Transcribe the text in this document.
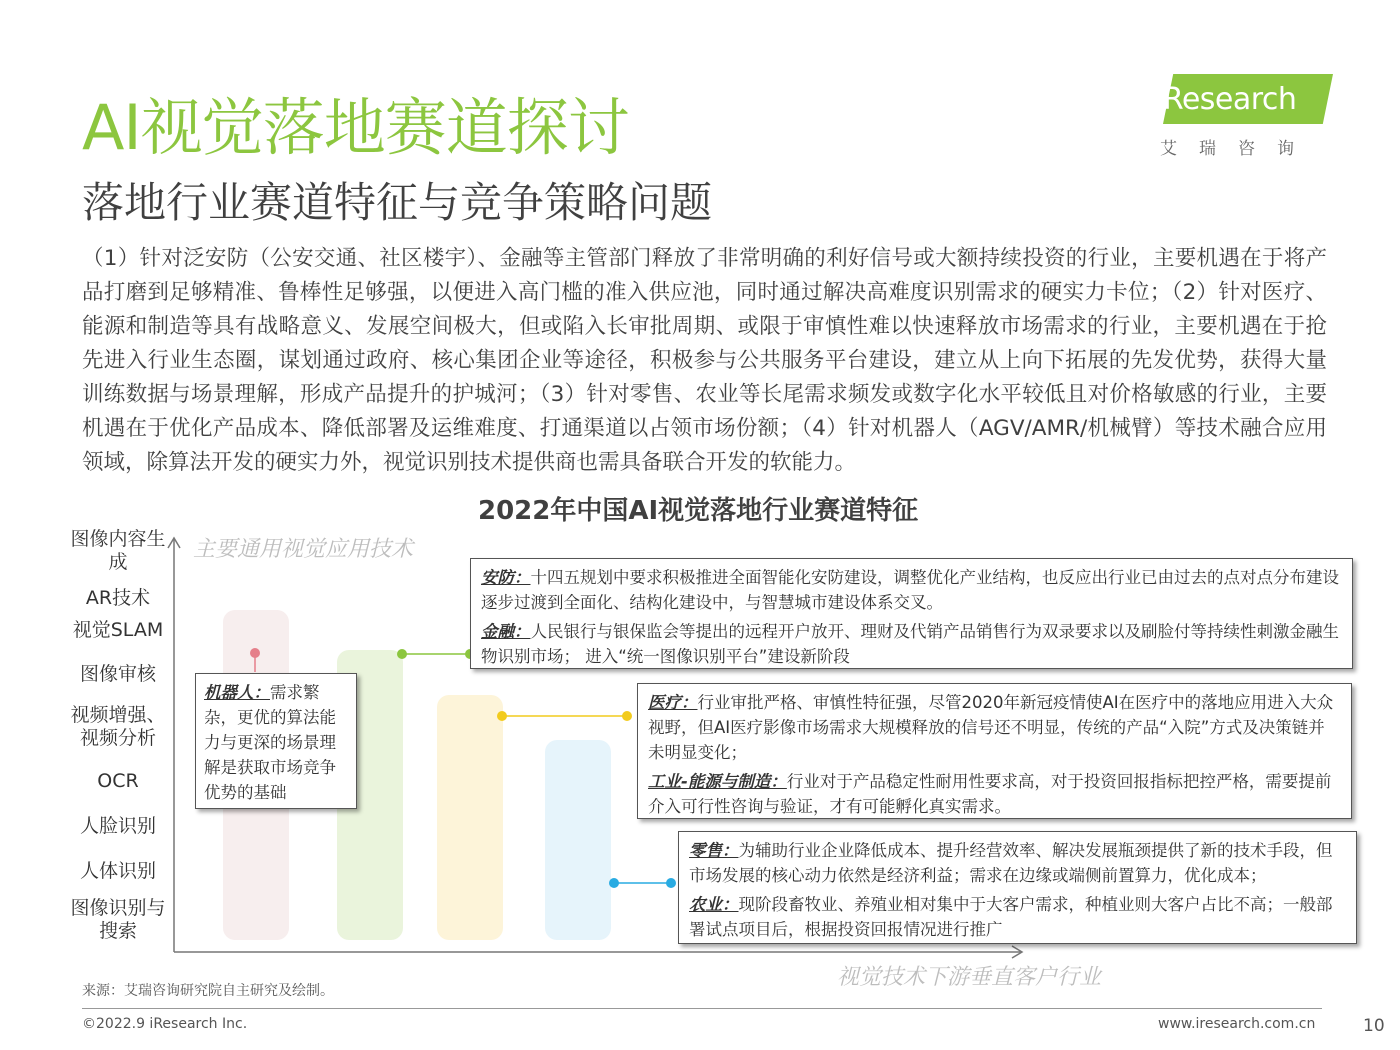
AI视觉落地赛道探讨
落地行业赛道特征与竞争策略问题
iResearch
艾瑞咨询
（1）针对泛安防（公安交通、社区楼宇）、金融等主管部门释放了非常明确的利好信号或大额持续投资的行业，主要机遇在于将产品打磨到足够精准、鲁棒性足够强，以便进入高门槛的准入供应池，同时通过解决高难度识别需求的硬实力卡位；（2）针对医疗、能源和制造等具有战略意义、发展空间极大，但或陷入长审批周期、或限于审慎性难以快速释放市场需求的行业，主要机遇在于抢先进入行业生态圈，谋划通过政府、核心集团企业等途径，积极参与公共服务平台建设，建立从上向下拓展的先发优势，获得大量训练数据与场景理解，形成产品提升的护城河；（3）针对零售、农业等长尾需求频发或数字化水平较低且对价格敏感的行业，主要机遇在于优化产品成本、降低部署及运维难度、打通渠道以占领市场份额；（4）针对机器人（AGV/AMR/机械臂）等技术融合应用领域，除算法开发的硬实力外，视觉识别技术提供商也需具备联合开发的软能力。
2022年中国AI视觉落地行业赛道特征
图像内容生成
AR技术
视觉SLAM
图像审核
视频增强、视频分析
OCR
人脸识别
人体识别
图像识别与搜索
主要通用视觉应用技术
视觉技术下游垂直客户行业
机器人：需求繁杂，更优的算法能力与更深的场景理解是获取市场竞争优势的基础
安防：十四五规划中要求积极推进全面智能化安防建设，调整优化产业结构，也反应出行业已由过去的点对点分布建设逐步过渡到全面化、结构化建设中，与智慧城市建设体系交叉。
金融：人民银行与银保监会等提出的远程开户放开、理财及代销产品销售行为双录要求以及刷脸付等持续性刺激金融生物识别市场； 进入“统一图像识别平台”建设新阶段
医疗：行业审批严格、审慎性特征强，尽管2020年新冠疫情使AI在医疗中的落地应用进入大众视野，但AI医疗影像市场需求大规模释放的信号还不明显，传统的产品“入院”方式及决策链并未明显变化；
工业-能源与制造：行业对于产品稳定性耐用性要求高，对于投资回报指标把控严格，需要提前介入可行性咨询与验证，才有可能孵化真实需求。
零售：为辅助行业企业降低成本、提升经营效率、解决发展瓶颈提供了新的技术手段，但市场发展的核心动力依然是经济利益；需求在边缘或端侧前置算力，优化成本；
农业：现阶段畜牧业、养殖业相对集中于大客户需求，种植业则大客户占比不高；一般部署试点项目后，根据投资回报情况进行推广
来源：艾瑞咨询研究院自主研究及绘制。
©2022.9 iResearch Inc.	www.iresearch.com.cn	10
